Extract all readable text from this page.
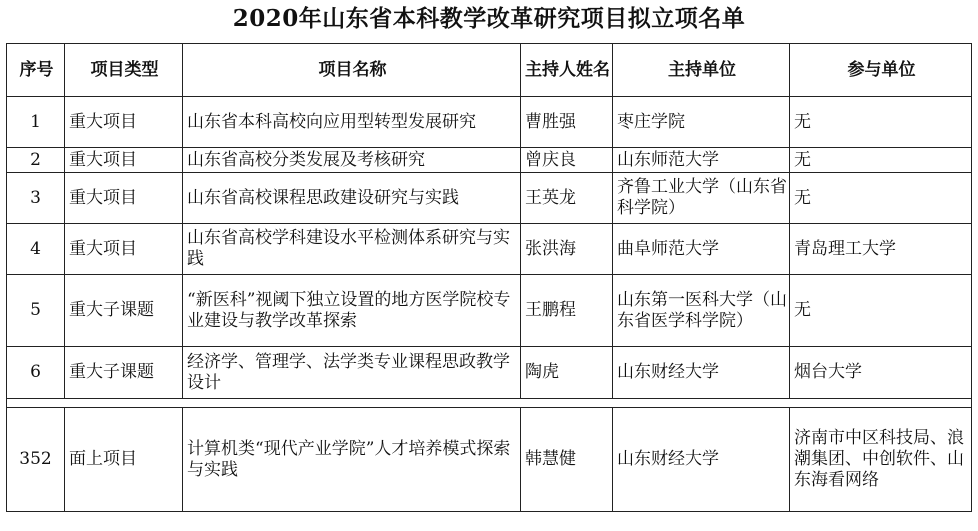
2020年山东省本科教学改革研究项目拟立项名单
序号	项目类型	项目名称	主持人姓名	主持单位	参与单位
1	重大项目	山东省本科高校向应用型转型发展研究	曹胜强	枣庄学院	无
2	重大项目	山东省高校分类发展及考核研究	曾庆良	山东师范大学	无
3	重大项目	山东省高校课程思政建设研究与实践	王英龙	齐鲁工业大学（山东省科学院）	无
4	重大项目	山东省高校学科建设水平检测体系研究与实践	张洪海	曲阜师范大学	青岛理工大学
5	重大子课题	“新医科”视阈下独立设置的地方医学院校专业建设与教学改革探索	王鹏程	山东第一医科大学（山东省医学科学院）	无
6	重大子课题	经济学、管理学、法学类专业课程思政教学设计	陶虎	山东财经大学	烟台大学

352	面上项目	计算机类“现代产业学院”人才培养模式探索与实践	韩慧健	山东财经大学	济南市中区科技局、浪潮集团、中创软件、山东海看网络
